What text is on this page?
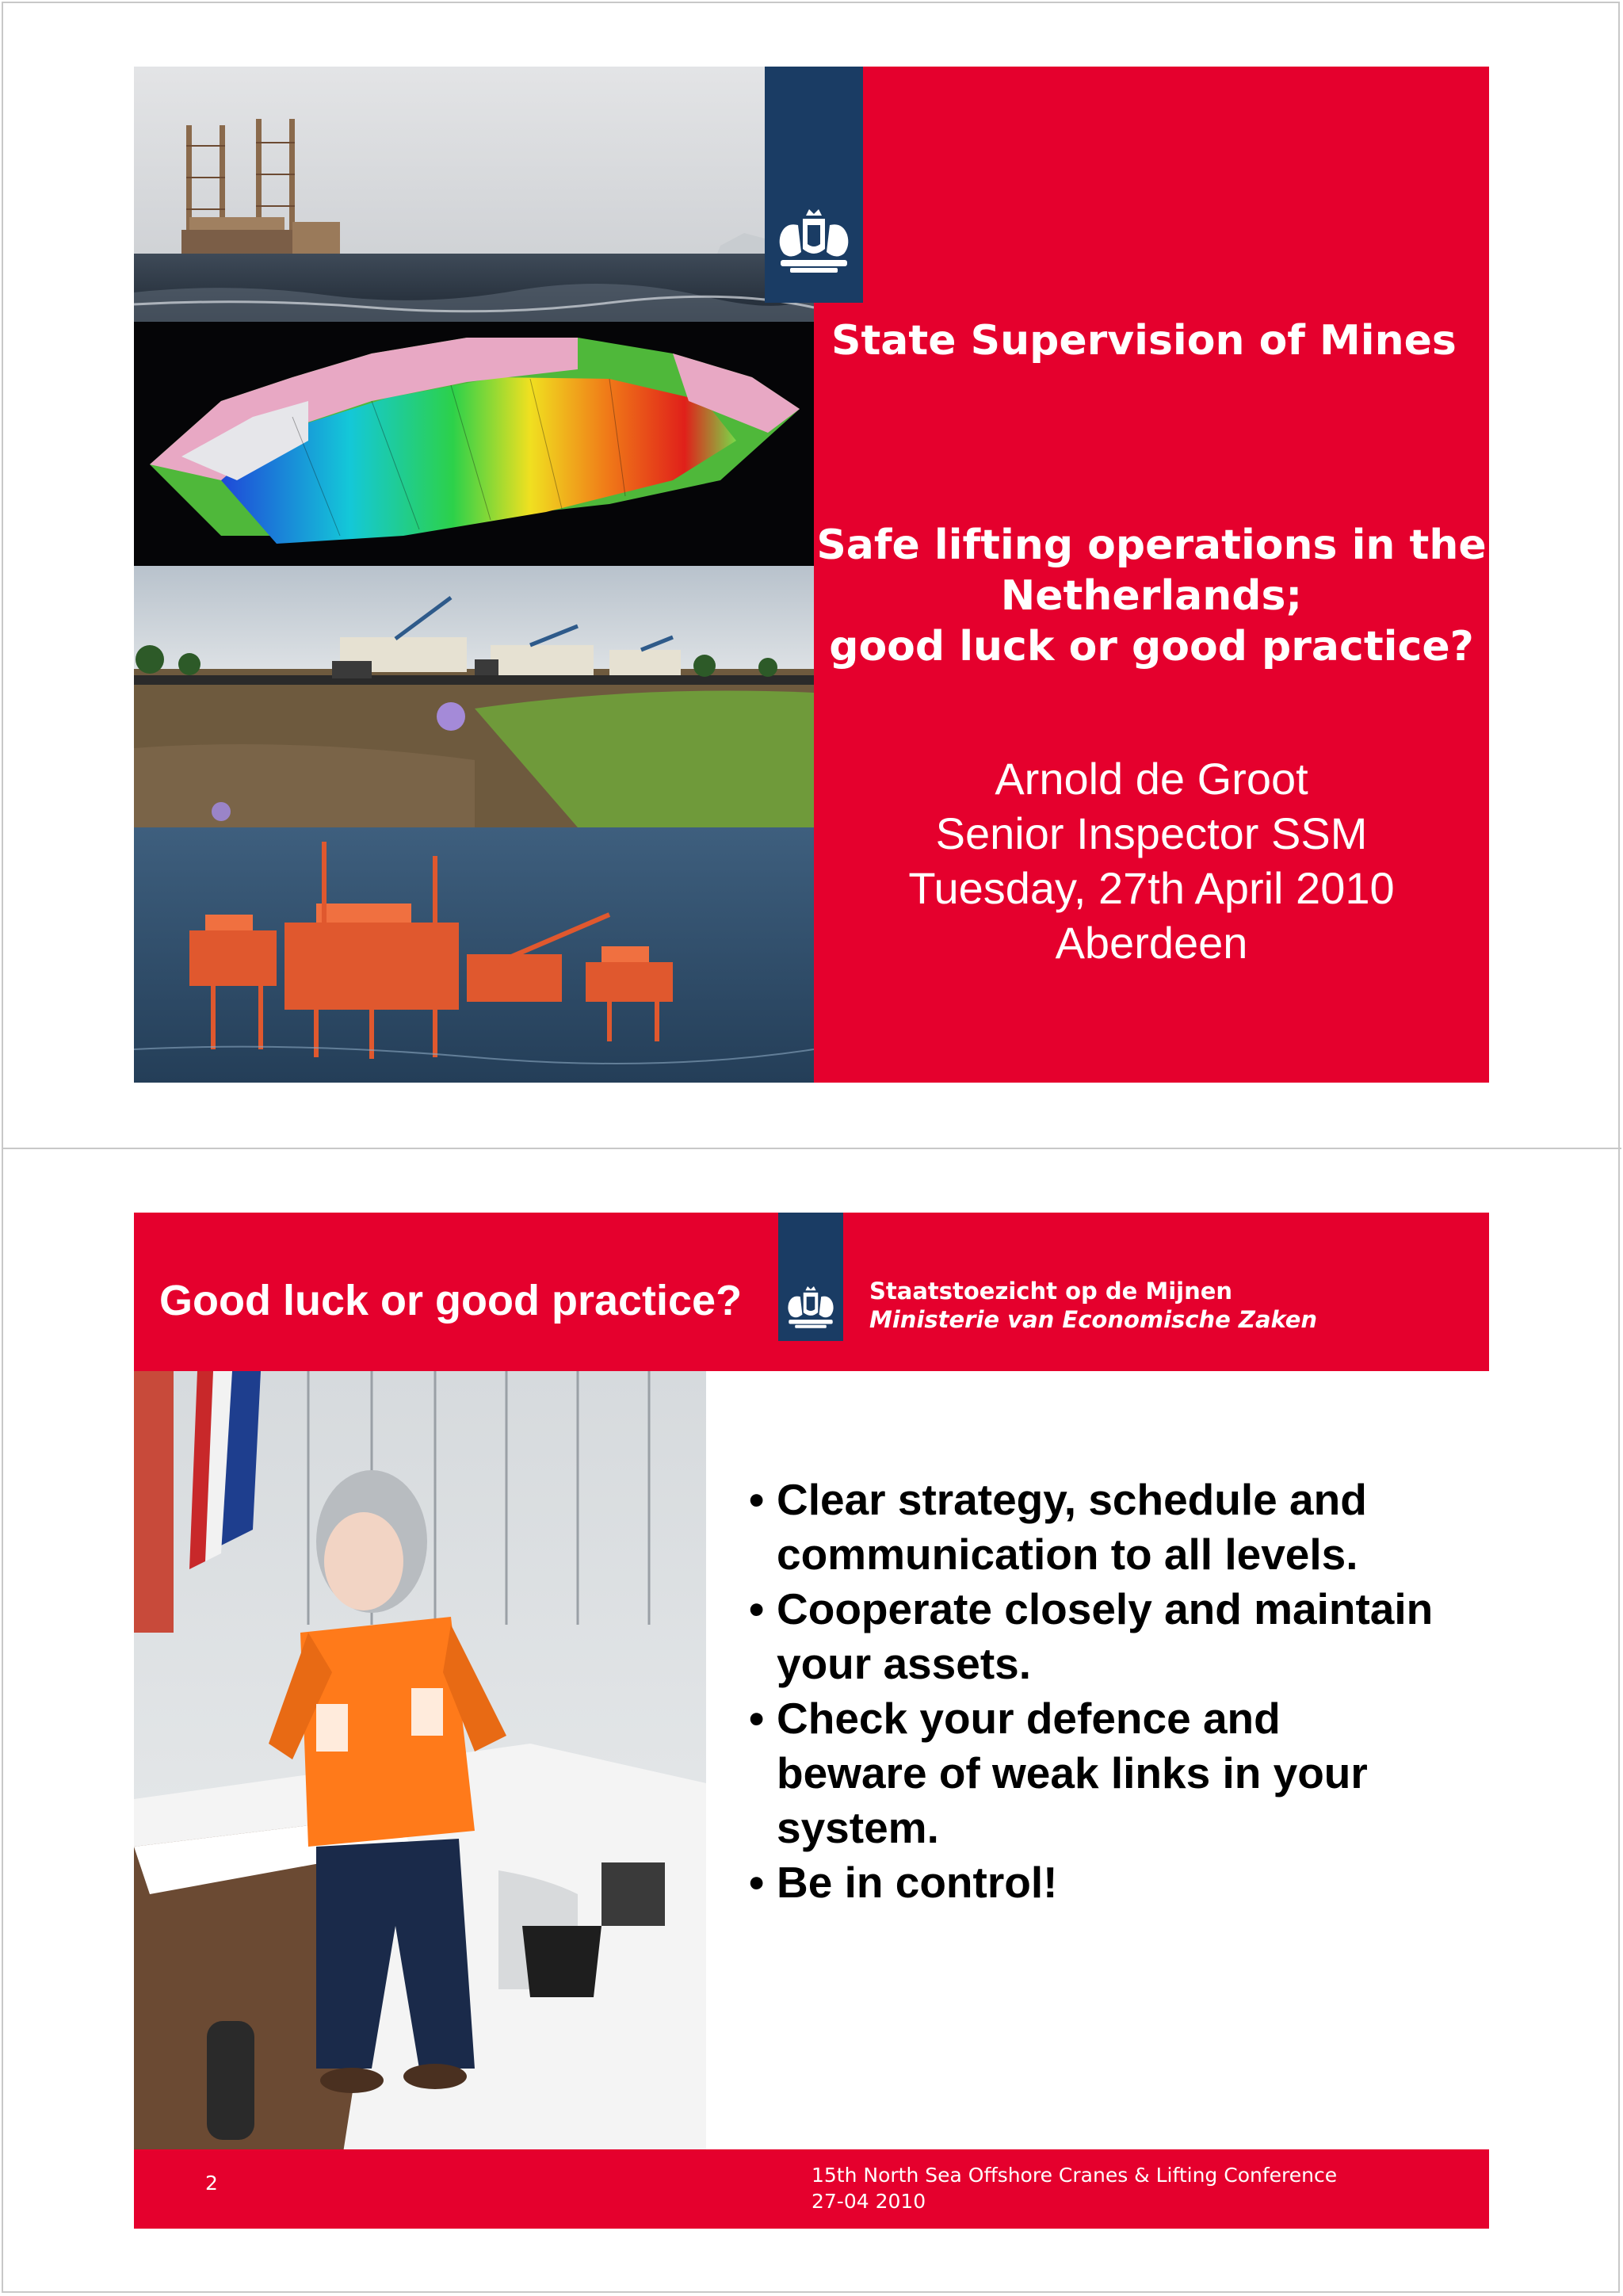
State Supervision of Mines
Safe lifting operations in the
Netherlands;
good luck or good practice?
Arnold de Groot
Senior Inspector SSM
Tuesday, 27th April 2010
Aberdeen
Good luck or good practice?	Staatstoezicht op de Mijnen
Ministerie van Economische Zaken
• Clear strategy, schedule and
communication to all levels.
• Cooperate closely and maintain
your assets.
• Check your defence and
beware of weak links in your
system.
• Be in control!
2	15th North Sea Offshore Cranes & Lifting Conference
27-04 2010
